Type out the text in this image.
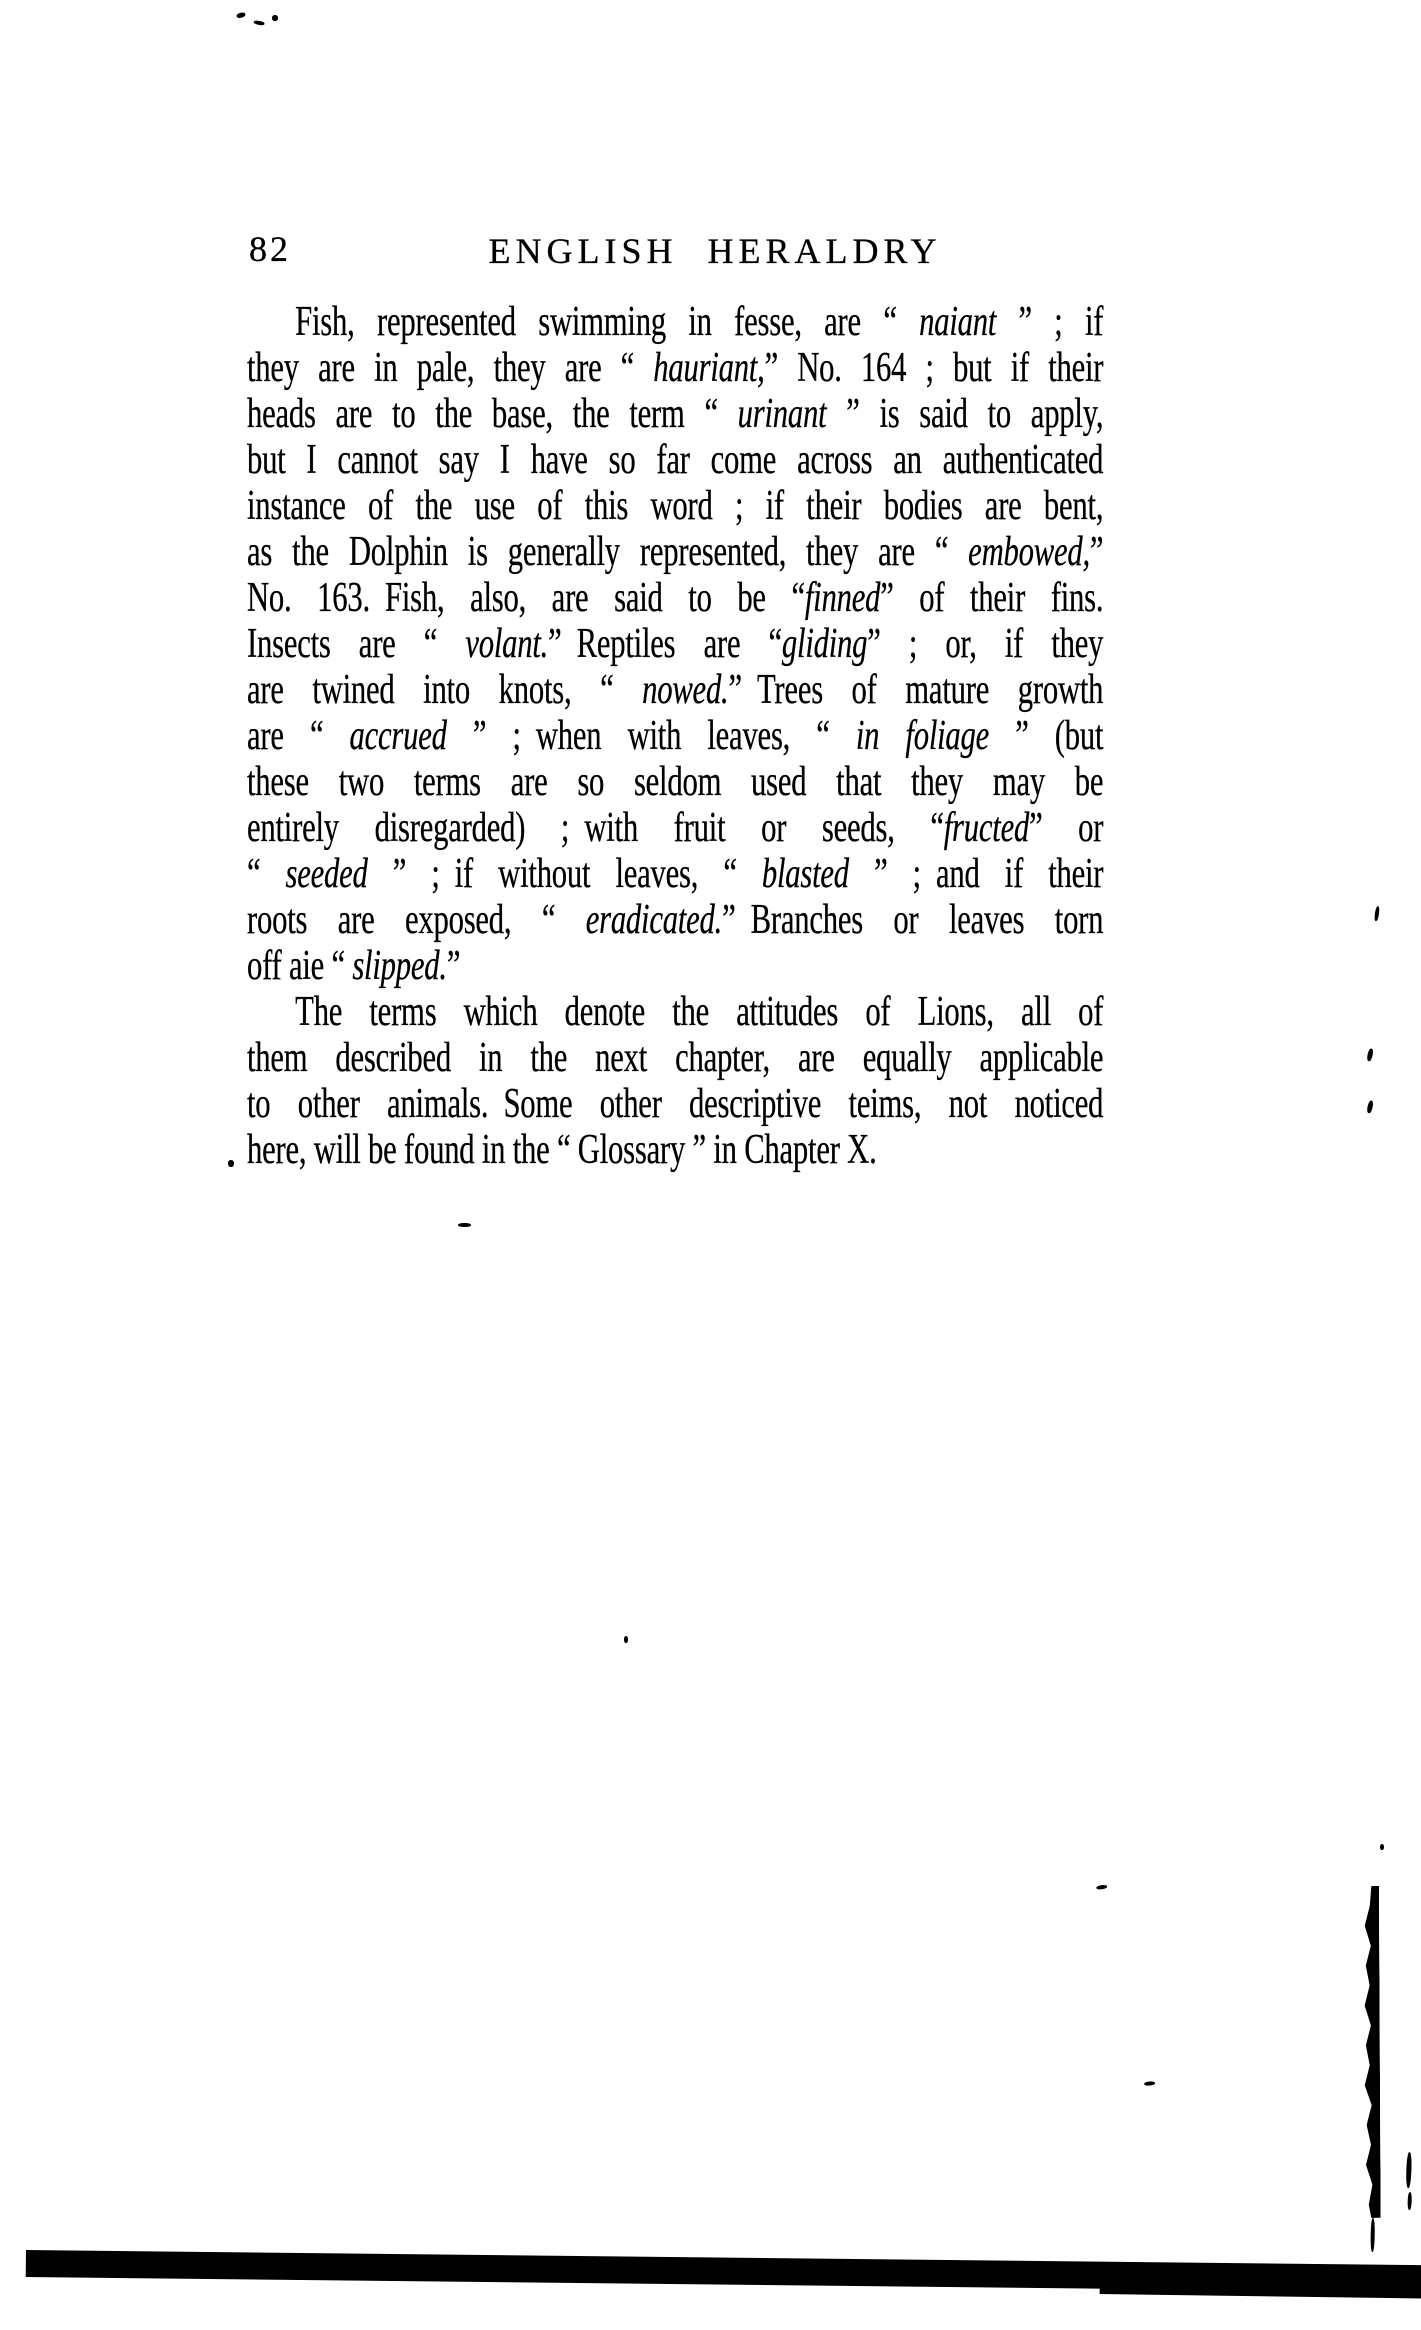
82	ENGLISH HERALDRY
Fish, represented swimming in fesse, are “ naiant ” ; if
they are in pale, they are “ hauriant,” No. 164 ; but if their
heads are to the base, the term “ urinant ” is said to apply,
but I cannot say I have so far come across an authenticated
instance of the use of this word ; if their bodies are bent,
as the Dolphin is generally represented, they are “ embowed,”
No. 163. Fish, also, are said to be “finned” of their fins.
Insects are “ volant.” Reptiles are “gliding” ; or, if they
are twined into knots, “ nowed.” Trees of mature growth
are “ accrued ” ; when with leaves, “ in foliage ” (but
these two terms are so seldom used that they may be
entirely disregarded) ; with fruit or seeds, “fructed” or
“ seeded ” ; if without leaves, “ blasted ” ; and if their
roots are exposed, “ eradicated.” Branches or leaves torn
off aie “ slipped.”
The terms which denote the attitudes of Lions, all of
them described in the next chapter, are equally applicable
to other animals. Some other descriptive teims, not noticed
here, will be found in the “ Glossary ” in Chapter X.
